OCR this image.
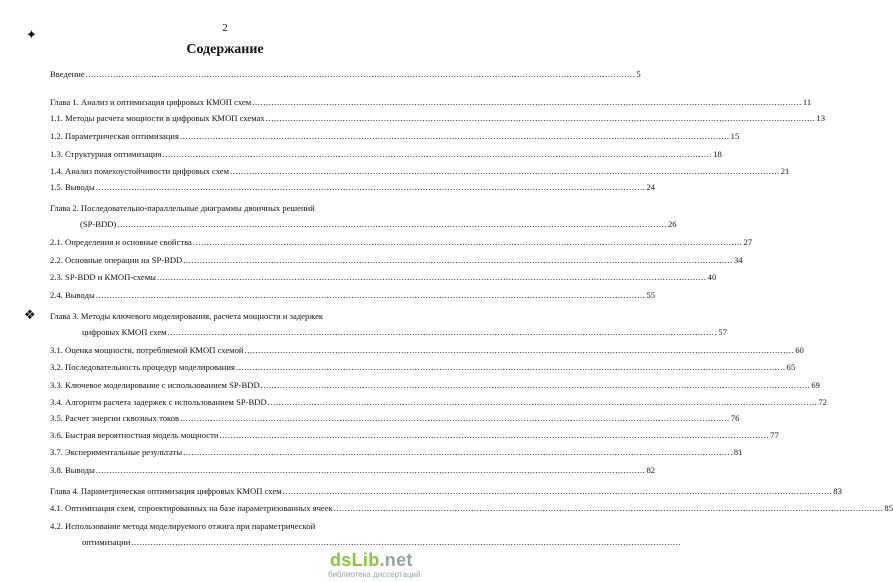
2
Содержание
✦
❖
Введение ........................................................................................................................................................................................................ 5
Глава 1. Анализ и оптимизация цифровых КМОП схем ........................................................................................................................................................................................................ 11
1.1. Методы расчета мощности в цифровых КМОП схемах ........................................................................................................................................................................................................ 13
1.2. Параметрическая оптимизация ........................................................................................................................................................................................................ 15
1.3. Структурная оптимизация ........................................................................................................................................................................................................ 18
1.4. Анализ помехоустойчивости цифровых схем ........................................................................................................................................................................................................ 21
1.5. Выводы ........................................................................................................................................................................................................ 24
Глава 2. Последовательно-параллельные диаграммы двоичных решений
(SP-BDD) ........................................................................................................................................................................................................ 26
2.1. Определения и основные свойства ........................................................................................................................................................................................................ 27
2.2. Основные операции на SP-BDD ........................................................................................................................................................................................................ 34
2.3. SP-BDD и КМОП-схемы ........................................................................................................................................................................................................ 40
2.4. Выводы ........................................................................................................................................................................................................ 55
Глава 3. Методы ключевого моделирования, расчета мощности и задержек
цифровых КМОП схем ........................................................................................................................................................................................................ 57
3.1. Оценка мощности, потребляемой КМОП схемой ........................................................................................................................................................................................................ 60
3.2. Последовательность процедур моделирования ........................................................................................................................................................................................................ 65
3.3. Ключевое моделирование с использованием SP-BDD ........................................................................................................................................................................................................ 69
3.4. Алгоритм расчета задержек с использованием SP-BDD ........................................................................................................................................................................................................ 72
3.5. Расчет энергии сквозных токов ........................................................................................................................................................................................................ 76
3.6. Быстрая вероятностная модель мощности ........................................................................................................................................................................................................ 77
3.7. Экспериментальные результаты ........................................................................................................................................................................................................ 81
3.8. Выводы ........................................................................................................................................................................................................ 82
Глава 4. Параметрическая оптимизация цифровых КМОП схем ........................................................................................................................................................................................................ 83
4.1. Оптимизация схем, спроектированных на базе параметризованных ячеек ........................................................................................................................................................................................................ 85
4.2. Использование метода моделируемого отжига при параметрической
оптимизации ........................................................................................................................................................................................................
dsLib.net
библиотека диссертаций
